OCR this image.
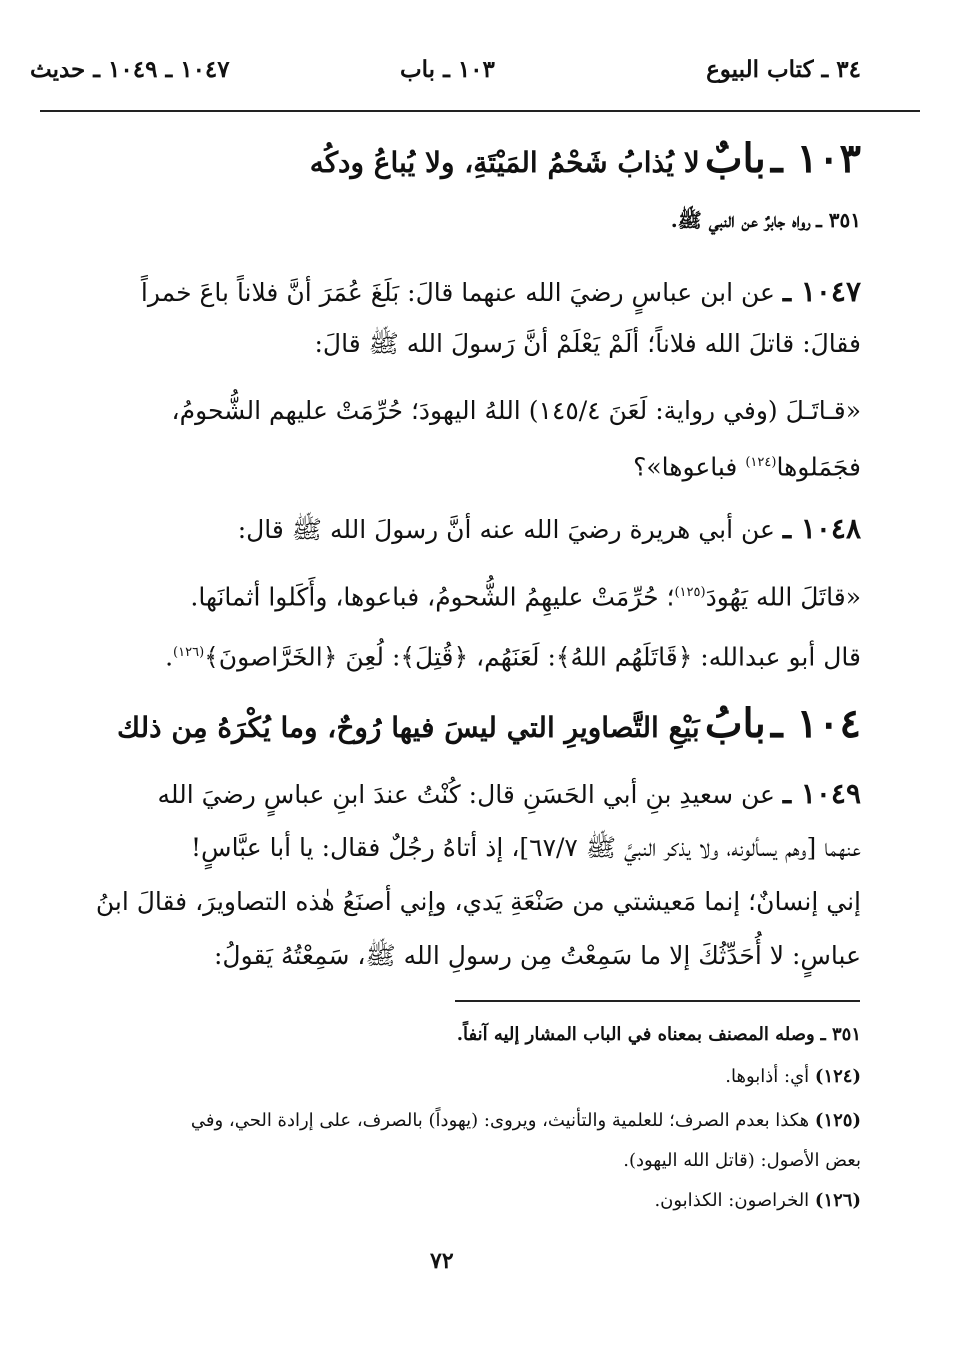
٣٤ ـ كتاب البيوع
١٠٣ ـ باب
١٠٤٧ ـ ١٠٤٩ ـ حديث
١٠٣ ـ بابٌ لا يُذابُ شَحْمُ المَيْتَةِ، ولا يُباعُ ودكُه
٣٥١ ـ رواه جابرٌ عن النبي ﷺ.
١٠٤٧ ـ عن ابن عباسٍ رضيَ الله عنهما قالَ: بَلَغَ عُمَرَ أنَّ فلاناً باعَ خمراً
فقالَ: قاتلَ الله فلاناً؛ ألَمْ يَعْلَمْ أنَّ رَسولَ الله ﷺ قالَ:
«قـاتَـلَ (وفي رواية: لَعَنَ ١٤٥/٤) اللهُ اليهودَ؛ حُرِّمَتْ عليهم الشُّحومُ،
فجَمَلوها$^{(١٢٤)}$ فباعوها»؟
١٠٤٨ ـ عن أبي هريرة رضيَ الله عنه أنَّ رسولَ الله ﷺ قال:
«قاتَلَ الله يَهُودَ$^{(١٢٥)}$؛ حُرِّمَتْ عليهِمُ الشُّحومُ، فباعوها، وأَكَلوا أثمانَها.
قال أبو عبدالله: ﴿قَاتَلَهُم اللهُ﴾: لَعَنَهُم، ﴿قُتِلَ﴾: لُعِنَ ﴿الخَرَّاصونَ﴾$^{(١٢٦)}$.
١٠٤ ـ بابُ بَيْعِ التَّصاويرِ التي ليسَ فيها رُوحٌ، وما يُكْرَهُ مِن ذلك
١٠٤٩ ـ عن سعيدِ بنِ أبي الحَسَنِ قال: كُنْتُ عندَ ابنِ عباسٍ رضيَ الله
عنهما [وهم يسألونه، ولا يذكر النبيَّ ﷺ ٦٧/٧]، إذ أتاهُ رجُلٌ فقال: يا أبا عبَّاسٍ!
إني إنسانٌ؛ إنما مَعيشتي من صَنْعَةِ يَدي، وإني أصنَعُ هٰذه التصاويرَ، فقالَ ابنُ
عباسٍ: لا أُحَدِّثُكَ إلا ما سَمِعْتُ مِن رسولِ الله ﷺ، سَمِعْتُهُ يَقولُ:
٣٥١ ـ وصله المصنف بمعناه في الباب المشار إليه آنفاً.
(١٢٤) أي: أذابوها.
(١٢٥) هكذا بعدم الصرف؛ للعلمية والتأنيث، ويروى: (يهوداً) بالصرف، على إرادة الحي، وفي
بعض الأصول: (قاتل الله اليهود).
(١٢٦) الخراصون: الكذابون.
٧٢
